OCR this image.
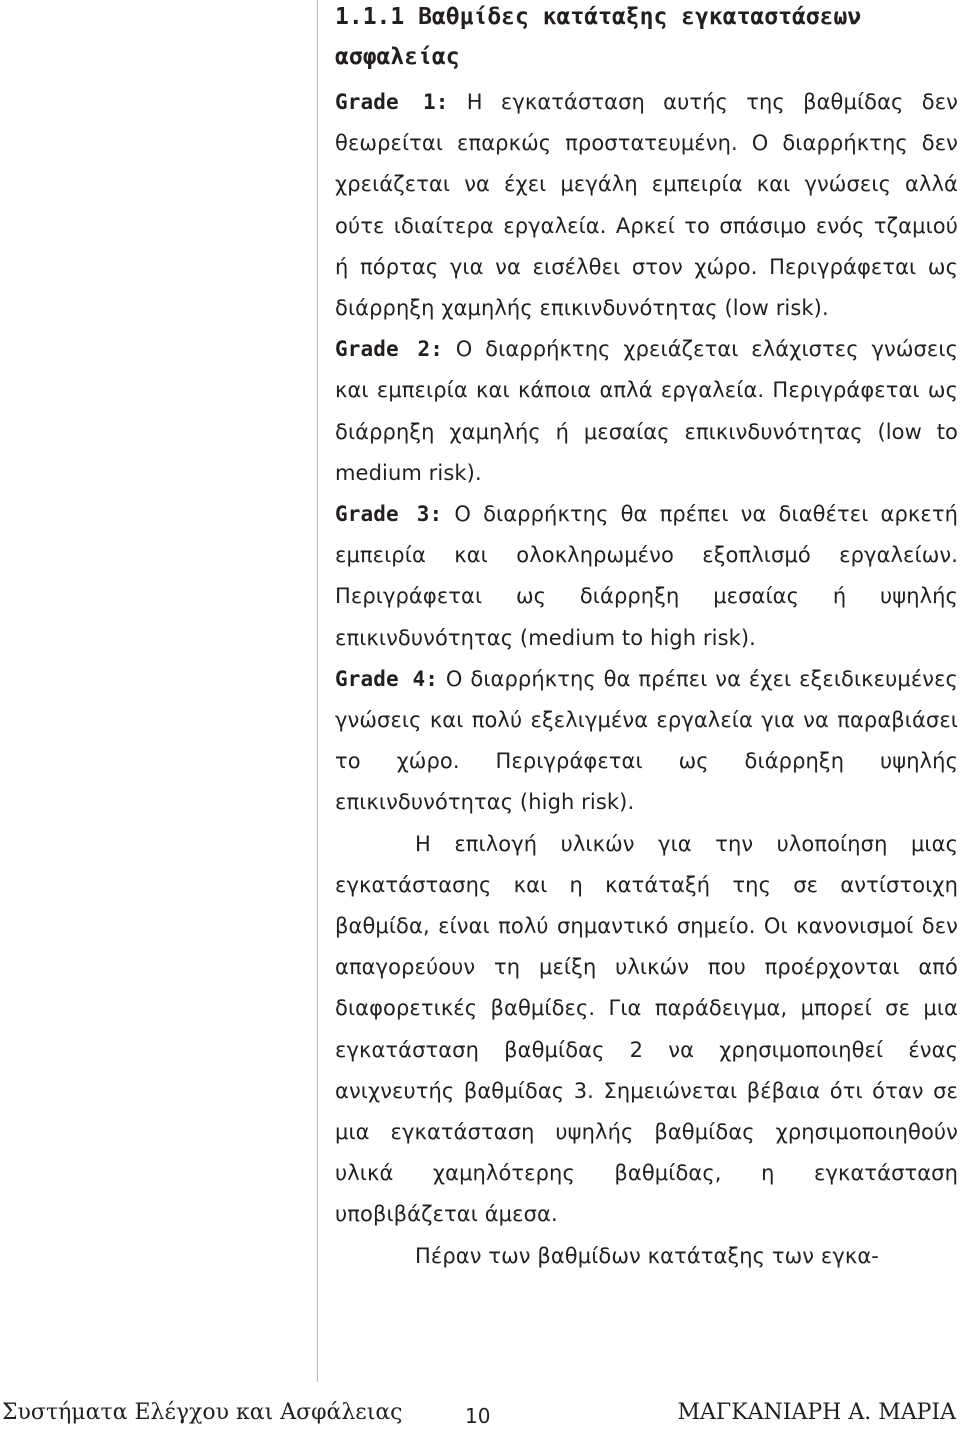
1.1.1 Βαθμίδες κατάταξης εγκαταστάσεων ασφαλείας

Grade 1: Η εγκατάσταση αυτής της βαθμίδας δεν θεωρείται επαρκώς προστατευμένη. Ο διαρρήκτης δεν χρειάζεται να έχει μεγάλη εμπειρία και γνώσεις αλλά ούτε ιδιαίτερα εργαλεία. Αρκεί το σπάσιμο ενός τζαμιού ή πόρτας για να εισέλθει στον χώρο. Περιγράφεται ως διάρρηξη χαμηλής επικινδυνότητας (low risk).

Grade 2: Ο διαρρήκτης χρειάζεται ελάχιστες γνώσεις και εμπειρία και κάποια απλά εργαλεία. Περιγράφεται ως διάρρηξη χαμηλής ή μεσαίας επικινδυνότητας (low to medium risk).

Grade 3: Ο διαρρήκτης θα πρέπει να διαθέτει αρκετή εμπειρία και ολοκληρωμένο εξοπλισμό εργαλείων. Περιγράφεται ως διάρρηξη μεσαίας ή υψηλής επικινδυνότητας (medium to high risk).

Grade 4: Ο διαρρήκτης θα πρέπει να έχει εξειδικευμένες γνώσεις και πολύ εξελιγμένα εργαλεία για να παραβιάσει το χώρο. Περιγράφεται ως διάρρηξη υψηλής επικινδυνότητας (high risk).

Η επιλογή υλικών για την υλοποίηση μιας εγκατάστασης και η κατάταξή της σε αντίστοιχη βαθμίδα, είναι πολύ σημαντικό σημείο. Οι κανονισμοί δεν απαγορεύουν τη μείξη υλικών που προέρχονται από διαφορετικές βαθμίδες. Για παράδειγμα, μπορεί σε μια εγκατάσταση βαθμίδας 2 να χρησιμοποιηθεί ένας ανιχνευτής βαθμίδας 3. Σημειώνεται βέβαια ότι όταν σε μια εγκατάσταση υψηλής βαθμίδας χρησιμοποιηθούν υλικά χαμηλότερης βαθμίδας, η εγκατάσταση υποβιβάζεται άμεσα.

Πέραν των βαθμίδων κατάταξης των εγκα-

Συστήματα Ελέγχου και Ασφάλειας	10	ΜΑΓΚΑΝΙΑΡΗ Α. ΜΑΡΙΑ
